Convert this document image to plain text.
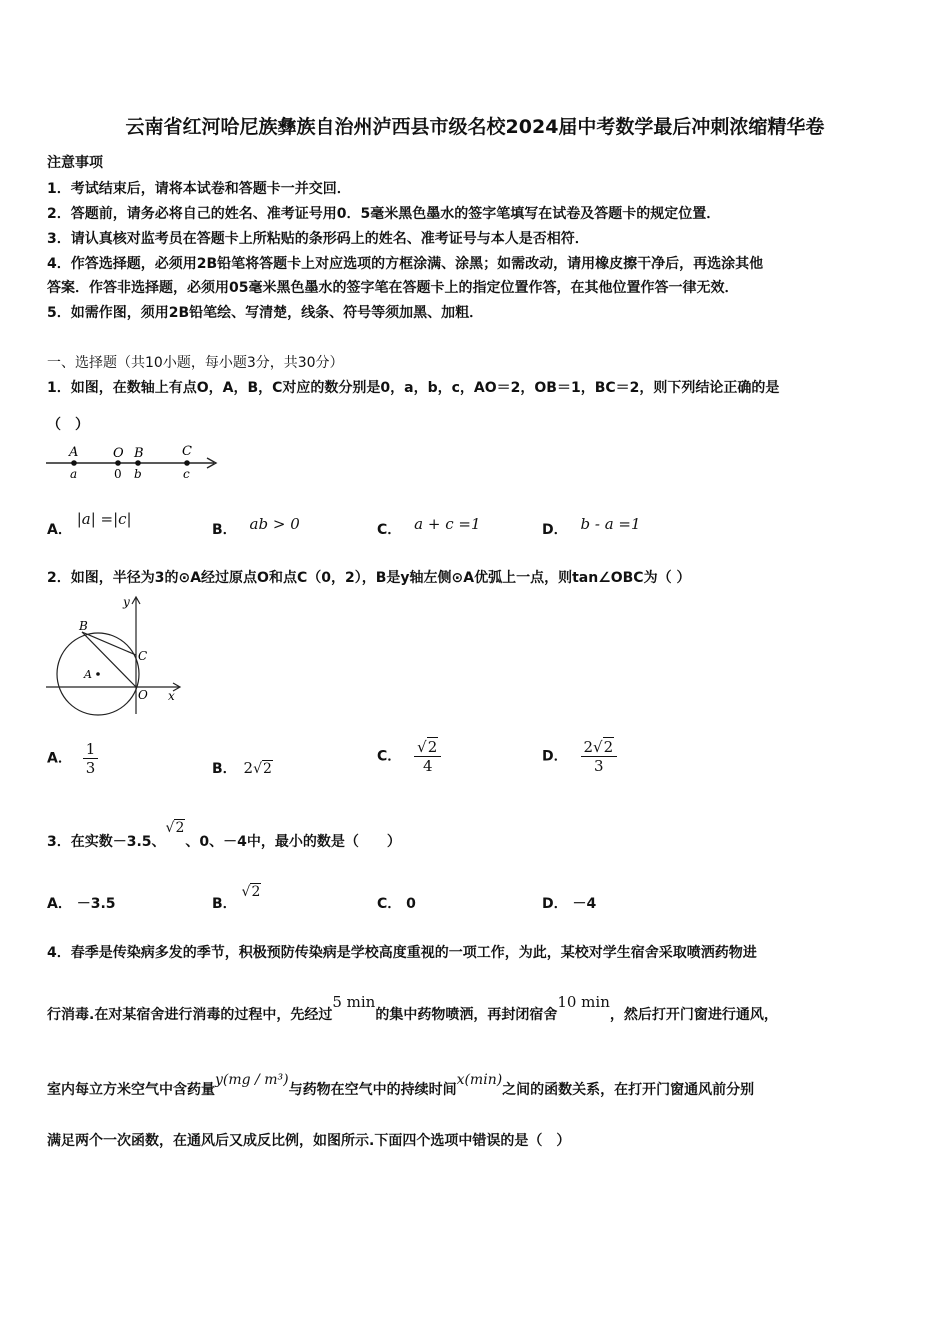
云南省红河哈尼族彝族自治州泸西县市级名校2024届中考数学最后冲刺浓缩精华卷
注意事项
1．考试结束后，请将本试卷和答题卡一并交回．
2．答题前，请务必将自己的姓名、准考证号用0．5毫米黑色墨水的签字笔填写在试卷及答题卡的规定位置．
3．请认真核对监考员在答题卡上所粘贴的条形码上的姓名、准考证号与本人是否相符．
4．作答选择题，必须用2B铅笔将答题卡上对应选项的方框涂满、涂黑；如需改动，请用橡皮擦干净后，再选涂其他
答案．作答非选择题，必须用05毫米黑色墨水的签字笔在答题卡上的指定位置作答，在其他位置作答一律无效．
5．如需作图，须用2B铅笔绘、写清楚，线条、符号等须加黑、加粗．
一、选择题（共10小题，每小题3分，共30分）
1．如图，在数轴上有点O，A，B，C对应的数分别是0，a，b，c，AO＝2，OB＝1，BC＝2，则下列结论正确的是
（　）
A	O B	C
a	0 b	c
A． |a| =|c|
B． ab > 0	C． a + c =1	D． b - a =1
2．如图，半径为3的⊙A经过原点O和点C（0，2），B是y轴左侧⊙A优弧上一点，则tan∠OBC为（ ）
y
x
B
C
A
O
A． $\frac{1}{3}$	B． 2√2
C． $\frac{√2}{4}$	D． $\frac{2√2}{3}$
3．在实数－3.5、√2、0、－4中，最小的数是（　　）
A． －3.5	B． √2
C． 0	D． －4
4．春季是传染病多发的季节，积极预防传染病是学校高度重视的一项工作，为此，某校对学生宿舍采取喷洒药物进
行消毒.在对某宿舍进行消毒的过程中，先经过5 min的集中药物喷洒，再封闭宿舍10 min，然后打开门窗进行通风，
室内每立方米空气中含药量y(mg / m³)与药物在空气中的持续时间x(min)之间的函数关系，在打开门窗通风前分别
满足两个一次函数，在通风后又成反比例，如图所示.下面四个选项中错误的是（　）
